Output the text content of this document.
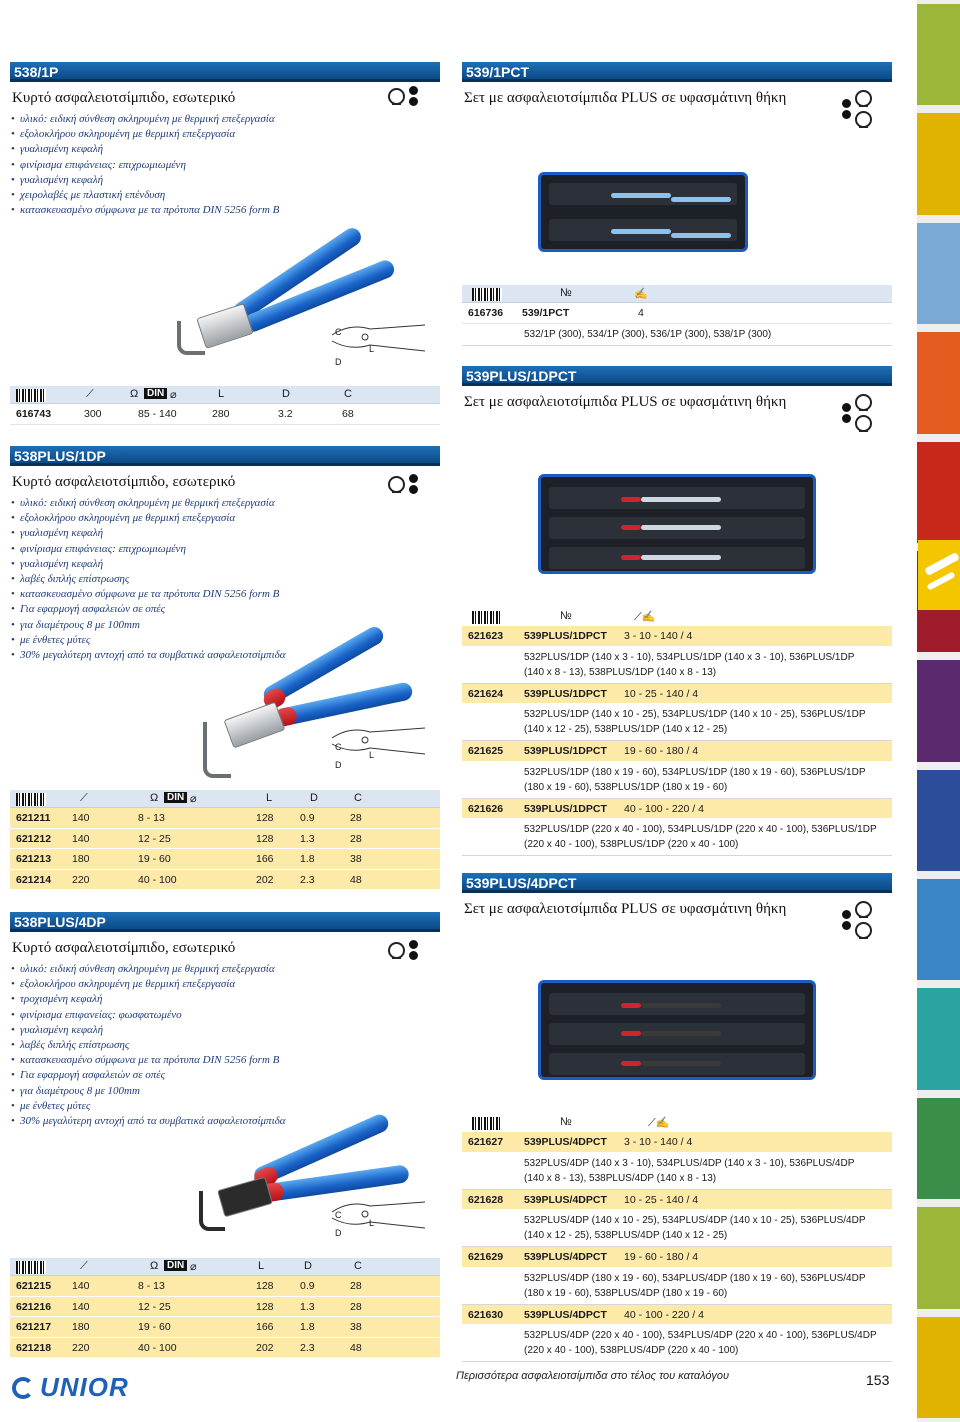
538/1P
Κυρτό ασφαλειοτσίμπιδο, εσωτερικό
• υλικό: ειδική σύνθεση σκληρυμένη με θερμική επεξεργασία
• εξολοκλήρου σκληρυμένη με θερμική επεξεργασία
• γυαλισμένη κεφαλή
• φινίρισμα επιφάνειας: επιχρωμιωμένη
• γυαλισμένη κεφαλή
• χειρολαβές με πλαστική επένδυση
• κατασκευασμένο σύμφωνα με τα πρότυπα DIN 5256 form B
C
L
D
⟋	Ω DIN ⌀	L	D	C
616743	300	85 - 140	280	3.2	68
538PLUS/1DP
Κυρτό ασφαλειοτσίμπιδο, εσωτερικό
• υλικό: ειδική σύνθεση σκληρυμένη με θερμική επεξεργασία
• εξολοκλήρου σκληρυμένη με θερμική επεξεργασία
• γυαλισμένη κεφαλή
• φινίρισμα επιφάνειας: επιχρωμιωμένη
• γυαλισμένη κεφαλή
• λαβές διπλής επίστρωσης
• κατασκευασμένο σύμφωνα με τα πρότυπα DIN 5256 form B
• Για εφαρμογή ασφαλειών σε οπές
• για διαμέτρους 8 με 100mm
• με ένθετες μύτες
• 30% μεγαλύτερη αντοχή από τα συμβατικά ασφαλειοτσίμπιδα
C
L
D
⟋	Ω DIN ⌀	L	D	C
621211 140	8 - 13	128	0.9	28
621212 140	12 - 25	128	1.3	28
621213 180	19 - 60	166	1.8	38
621214 220	40 - 100	202	2.3	48
538PLUS/4DP
Κυρτό ασφαλειοτσίμπιδο, εσωτερικό
• υλικό: ειδική σύνθεση σκληρυμένη με θερμική επεξεργασία
• εξολοκλήρου σκληρυμένη με θερμική επεξεργασία
• τροχισμένη κεφαλή
• φινίρισμα επιφανείας: φωσφατωμένο
• γυαλισμένη κεφαλή
• λαβές διπλής επίστρωσης
• κατασκευασμένο σύμφωνα με τα πρότυπα DIN 5256 form B
• Για εφαρμογή ασφαλειών σε οπές
• για διαμέτρους 8 με 100mm
• με ένθετες μύτες
• 30% μεγαλύτερη αντοχή από τα συμβατικά ασφαλειοτσίμπιδα
C
L
D
⟋	Ω DIN ⌀	L	D	C
621215 140	8 - 13	128	0.9	28
621216 140	12 - 25	128	1.3	28
621217 180	19 - 60	166	1.8	38
621218 220	40 - 100	202	2.3	48
539/1PCT
Σετ με ασφαλειοτσίμπιδα PLUS σε υφασμάτινη θήκη
№	✍
616736 539/1PCT	4
532/1P (300), 534/1P (300), 536/1P (300), 538/1P (300)
539PLUS/1DPCT
Σετ με ασφαλειοτσίμπιδα PLUS σε υφασμάτινη θήκη
№	⟋✍
621623 539PLUS/1DPCT 3 - 10 - 140 / 4
532PLUS/1DP (140 x 3 - 10), 534PLUS/1DP (140 x 3 - 10), 536PLUS/1DP
(140 x 8 - 13), 538PLUS/1DP (140 x 8 - 13)
621624 539PLUS/1DPCT 10 - 25 - 140 / 4
532PLUS/1DP (140 x 10 - 25), 534PLUS/1DP (140 x 10 - 25), 536PLUS/1DP
(140 x 12 - 25), 538PLUS/1DP (140 x 12 - 25)
621625 539PLUS/1DPCT 19 - 60 - 180 / 4
532PLUS/1DP (180 x 19 - 60), 534PLUS/1DP (180 x 19 - 60), 536PLUS/1DP
(180 x 19 - 60), 538PLUS/1DP (180 x 19 - 60)
621626 539PLUS/1DPCT 40 - 100 - 220 / 4
532PLUS/1DP (220 x 40 - 100), 534PLUS/1DP (220 x 40 - 100), 536PLUS/1DP
(220 x 40 - 100), 538PLUS/1DP (220 x 40 - 100)
539PLUS/4DPCT
Σετ με ασφαλειοτσίμπιδα PLUS σε υφασμάτινη θήκη
№	⟋✍
621627 539PLUS/4DPCT 3 - 10 - 140 / 4
532PLUS/4DP (140 x 3 - 10), 534PLUS/4DP (140 x 3 - 10), 536PLUS/4DP
(140 x 8 - 13), 538PLUS/4DP (140 x 8 - 13)
621628 539PLUS/4DPCT 10 - 25 - 140 / 4
532PLUS/4DP (140 x 10 - 25), 534PLUS/4DP (140 x 10 - 25), 536PLUS/4DP
(140 x 12 - 25), 538PLUS/4DP (140 x 12 - 25)
621629 539PLUS/4DPCT 19 - 60 - 180 / 4
532PLUS/4DP (180 x 19 - 60), 534PLUS/4DP (180 x 19 - 60), 536PLUS/4DP
(180 x 19 - 60), 538PLUS/4DP (180 x 19 - 60)
621630 539PLUS/4DPCT 40 - 100 - 220 / 4
532PLUS/4DP (220 x 40 - 100), 534PLUS/4DP (220 x 40 - 100), 536PLUS/4DP
(220 x 40 - 100), 538PLUS/4DP (220 x 40 - 100)
UNIOR	Περισσότερα ασφαλειοτσίμπιδα στο τέλος του καταλόγου	153
